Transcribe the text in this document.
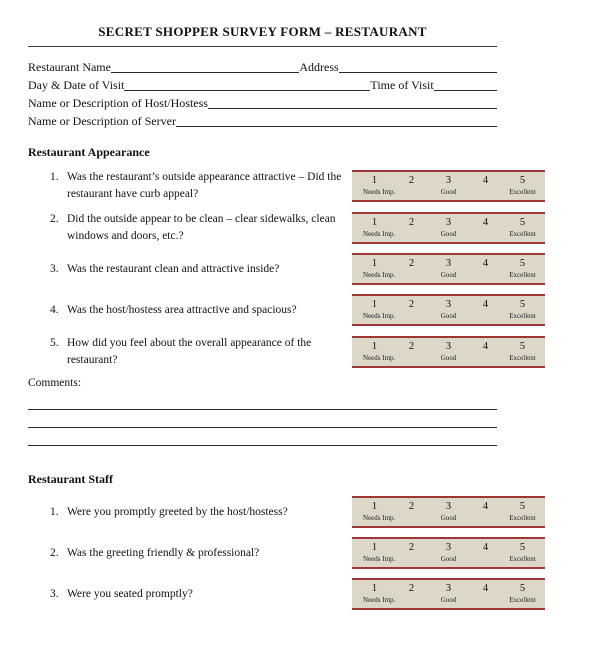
SECRET SHOPPER SURVEY FORM – RESTAURANT
Restaurant Name	Address
Day & Date of Visit	Time of Visit
Name or Description of Host/Hostess
Name or Description of Server
Restaurant Appearance
1. Was the restaurant’s outside appearance attractive – Did the restaurant have curb appeal?
1	2	3	4	5
Needs Imp.	Good	Excellent
2. Did the outside appear to be clean – clear sidewalks, clean windows and doors, etc.?
1	2	3	4	5
Needs Imp.	Good	Excellent
3. Was the restaurant clean and attractive inside?	1	2	3	4	5
Needs Imp.	Good	Excellent
4. Was the host/hostess area attractive and spacious?	1	2	3	4	5
Needs Imp.	Good	Excellent
5. How did you feel about the overall appearance of the restaurant?
1	2	3	4	5
Needs Imp.	Good	Excellent
Comments:
Restaurant Staff
1. Were you promptly greeted by the host/hostess?	1	2	3	4	5
Needs Imp.	Good	Excellent
2. Was the greeting friendly & professional?	1	2	3	4	5
Needs Imp.	Good	Excellent
3. Were you seated promptly?	1	2	3	4	5
Needs Imp.	Good	Excellent
